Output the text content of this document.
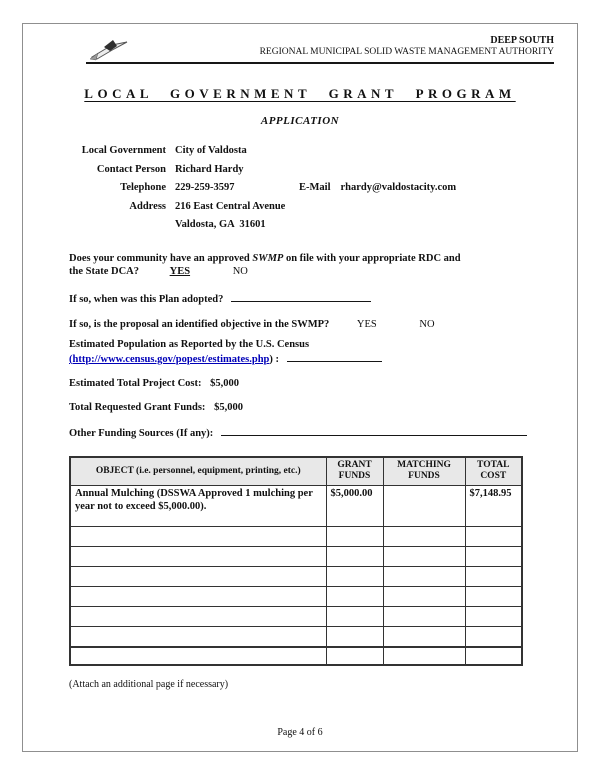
DEEP SOUTH
REGIONAL MUNICIPAL SOLID WASTE MANAGEMENT AUTHORITY
LOCAL GOVERNMENT GRANT PROGRAM
APPLICATION
Local Government City of Valdosta
Contact Person Richard Hardy
Telephone 229-259-3597	E-Mail rhardy@valdostacity.com
Address 216 East Central Avenue
Valdosta, GA  31601
Does your community have an approved SWMP on file with your appropriate RDC and
the State DCA?	YES	NO
If so, when was this Plan adopted?
If so, is the proposal an identified objective in the SWMP?	YES	NO
Estimated Population as Reported by the U.S. Census
(http://www.census.gov/popest/estimates.php) :
Estimated Total Project Cost: $5,000
Total Requested Grant Funds: $5,000
Other Funding Sources (If any):
OBJECT (i.e. personnel, equipment, printing, etc.)	GRANT FUNDS	MATCHING FUNDS	TOTAL COST
Annual Mulching (DSSWA Approved 1 mulching per year not to exceed $5,000.00).	$5,000.00		$7,148.95

(Attach an additional page if necessary)
Page 4 of 6
